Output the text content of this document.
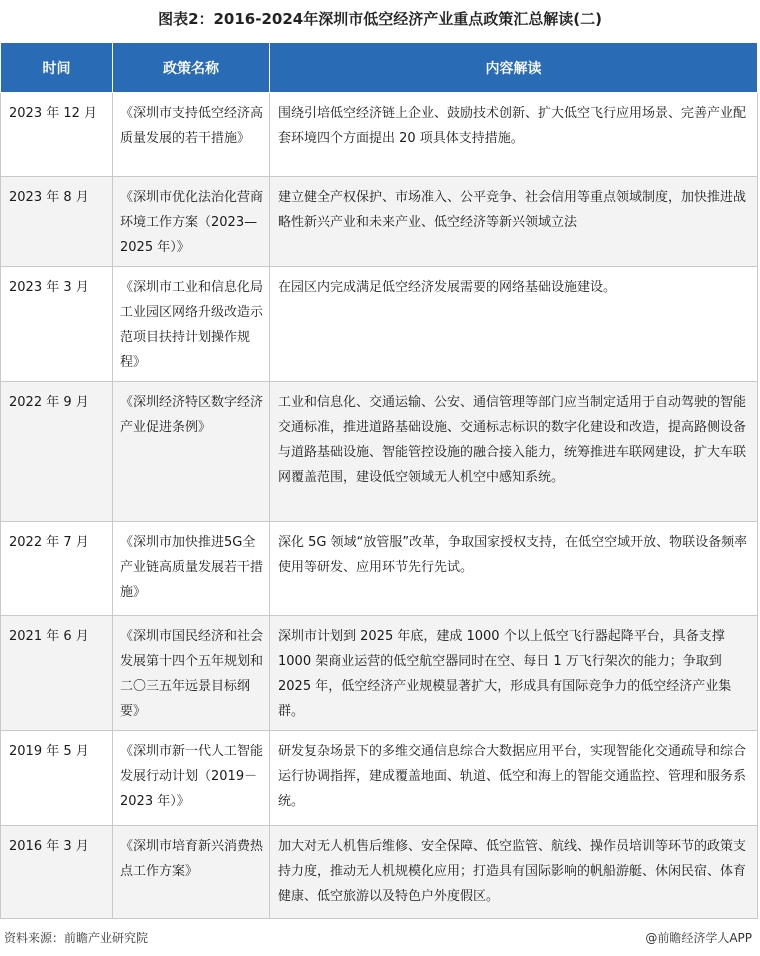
图表2：2016-2024年深圳市低空经济产业重点政策汇总解读(二)
时间	政策名称	内容解读
2023 年 12 月	《深圳市支持低空经济高质量发展的若干措施》	围绕引培低空经济链上企业、鼓励技术创新、扩大低空飞行应用场景、完善产业配套环境四个方面提出 20 项具体支持措施。
2023 年 8 月	《深圳市优化法治化营商环境工作方案（2023—2025 年）》	建立健全产权保护、市场准入、公平竞争、社会信用等重点领域制度，加快推进战略性新兴产业和未来产业、低空经济等新兴领域立法
2023 年 3 月	《深圳市工业和信息化局工业园区网络升级改造示范项目扶持计划操作规程》	在园区内完成满足低空经济发展需要的网络基础设施建设。
2022 年 9 月	《深圳经济特区数字经济产业促进条例》	工业和信息化、交通运输、公安、通信管理等部门应当制定适用于自动驾驶的智能交通标准，推进道路基础设施、交通标志标识的数字化建设和改造，提高路侧设备与道路基础设施、智能管控设施的融合接入能力，统筹推进车联网建设，扩大车联网覆盖范围，建设低空领域无人机空中感知系统。
2022 年 7 月	《深圳市加快推进5G全产业链高质量发展若干措施》	深化 5G 领域“放管服”改革，争取国家授权支持，在低空空域开放、物联设备频率使用等研发、应用环节先行先试。
2021 年 6 月	《深圳市国民经济和社会发展第十四个五年规划和二〇三五年远景目标纲要》	深圳市计划到 2025 年底，建成 1000 个以上低空飞行器起降平台，具备支撑 1000 架商业运营的低空航空器同时在空、每日 1 万飞行架次的能力；争取到 2025 年，低空经济产业规模显著扩大，形成具有国际竞争力的低空经济产业集群。
2019 年 5 月	《深圳市新一代人工智能发展行动计划（2019－2023 年）》	研发复杂场景下的多维交通信息综合大数据应用平台，实现智能化交通疏导和综合运行协调指挥，建成覆盖地面、轨道、低空和海上的智能交通监控、管理和服务系统。
2016 年 3 月	《深圳市培育新兴消费热点工作方案》	加大对无人机售后维修、安全保障、低空监管、航线、操作员培训等环节的政策支持力度，推动无人机规模化应用；打造具有国际影响的帆船游艇、休闲民宿、体育健康、低空旅游以及特色户外度假区。
资料来源：前瞻产业研究院	@前瞻经济学人APP
